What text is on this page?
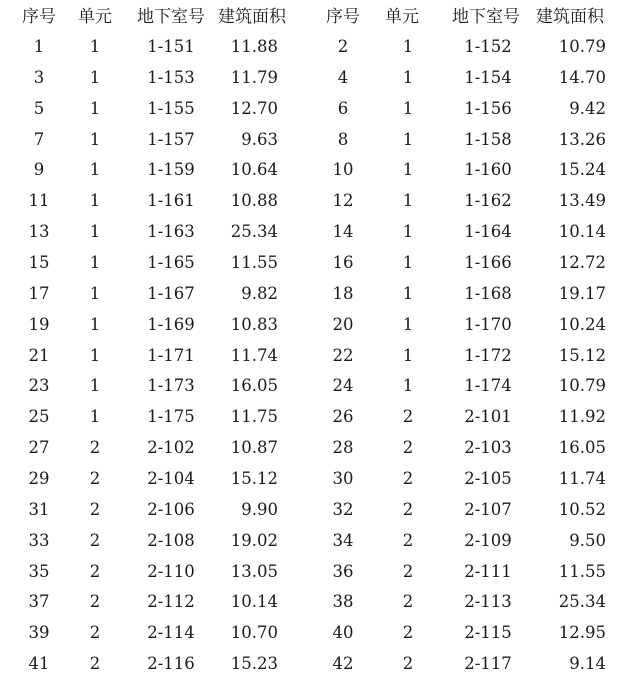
序号	单元	地下室号 建筑面积	序号	单元	地下室号 建筑面积
1	1	1-151	11.88	2	1	1-152	10.79
3	1	1-153	11.79	4	1	1-154	14.70
5	1	1-155	12.70	6	1	1-156	9.42
7	1	1-157	9.63	8	1	1-158	13.26
9	1	1-159	10.64	10	1	1-160	15.24
11	1	1-161	10.88	12	1	1-162	13.49
13	1	1-163	25.34	14	1	1-164	10.14
15	1	1-165	11.55	16	1	1-166	12.72
17	1	1-167	9.82	18	1	1-168	19.17
19	1	1-169	10.83	20	1	1-170	10.24
21	1	1-171	11.74	22	1	1-172	15.12
23	1	1-173	16.05	24	1	1-174	10.79
25	1	1-175	11.75	26	2	2-101	11.92
27	2	2-102	10.87	28	2	2-103	16.05
29	2	2-104	15.12	30	2	2-105	11.74
31	2	2-106	9.90	32	2	2-107	10.52
33	2	2-108	19.02	34	2	2-109	9.50
35	2	2-110	13.05	36	2	2-111	11.55
37	2	2-112	10.14	38	2	2-113	25.34
39	2	2-114	10.70	40	2	2-115	12.95
41	2	2-116	15.23	42	2	2-117	9.14
